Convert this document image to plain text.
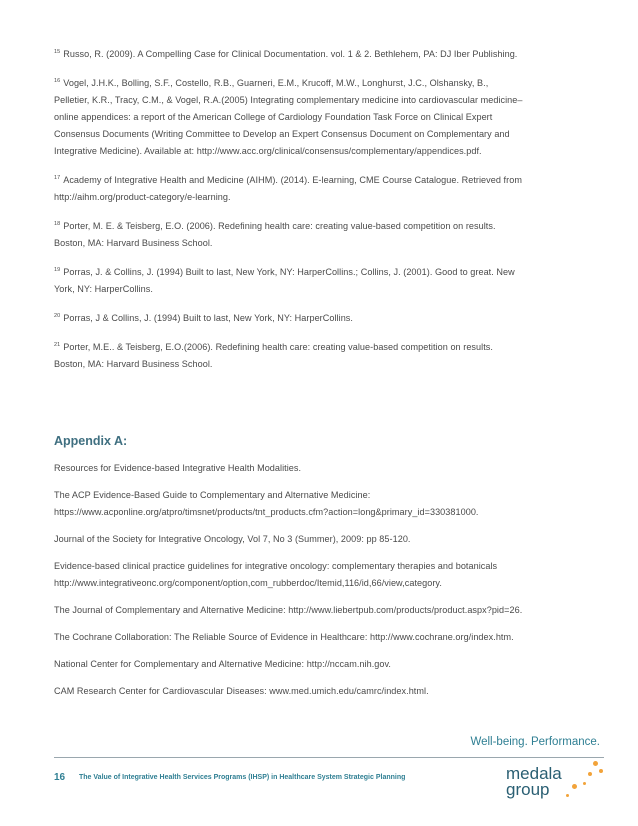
$^{15}$ Russo, R. (2009). A Compelling Case for Clinical Documentation. vol. 1 & 2. Bethlehem, PA: DJ Iber Publishing.

$^{16}$ Vogel, J.H.K., Bolling, S.F., Costello, R.B., Guarneri, E.M., Krucoff, M.W., Longhurst, J.C., Olshansky, B., Pelletier, K.R., Tracy, C.M., & Vogel, R.A.(2005) Integrating complementary medicine into cardiovascular medicine–online appendices: a report of the American College of Cardiology Foundation Task Force on Clinical Expert Consensus Documents (Writing Committee to Develop an Expert Consensus Document on Complementary and Integrative Medicine). Available at: http://www.acc.org/clinical/consensus/complementary/appendices.pdf.

$^{17}$ Academy of Integrative Health and Medicine (AIHM). (2014). E-learning, CME Course Catalogue. Retrieved from http://aihm.org/product-category/e-learning.

$^{18}$ Porter, M. E. & Teisberg, E.O. (2006). Redefining health care: creating value-based competition on results. Boston, MA: Harvard Business School.

$^{19}$ Porras, J. & Collins, J. (1994) Built to last, New York, NY: HarperCollins.; Collins, J. (2001). Good to great. New York, NY: HarperCollins.

$^{20}$ Porras, J & Collins, J. (1994) Built to last, New York, NY: HarperCollins.

$^{21}$ Porter, M.E.. & Teisberg, E.O.(2006). Redefining health care: creating value-based competition on results. Boston, MA: Harvard Business School.

Appendix A:

Resources for Evidence-based Integrative Health Modalities.

The ACP Evidence-Based Guide to Complementary and Alternative Medicine: https://www.acponline.org/atpro/timsnet/products/tnt_products.cfm?action=long&primary_id=330381000.

Journal of the Society for Integrative Oncology, Vol 7, No 3 (Summer), 2009: pp 85-120.

Evidence-based clinical practice guidelines for integrative oncology: complementary therapies and botanicals http://www.integrativeonc.org/component/option,com_rubberdoc/Itemid,116/id,66/view,category.

The Journal of Complementary and Alternative Medicine: http://www.liebertpub.com/products/product.aspx?pid=26.

The Cochrane Collaboration: The Reliable Source of Evidence in Healthcare: http://www.cochrane.org/index.htm.

National Center for Complementary and Alternative Medicine: http://nccam.nih.gov.

CAM Research Center for Cardiovascular Diseases: www.med.umich.edu/camrc/index.html.

Well-being. Performance.
16 The Value of Integrative Health Services Programs (IHSP) in Healthcare System Strategic Planning	medala
group
